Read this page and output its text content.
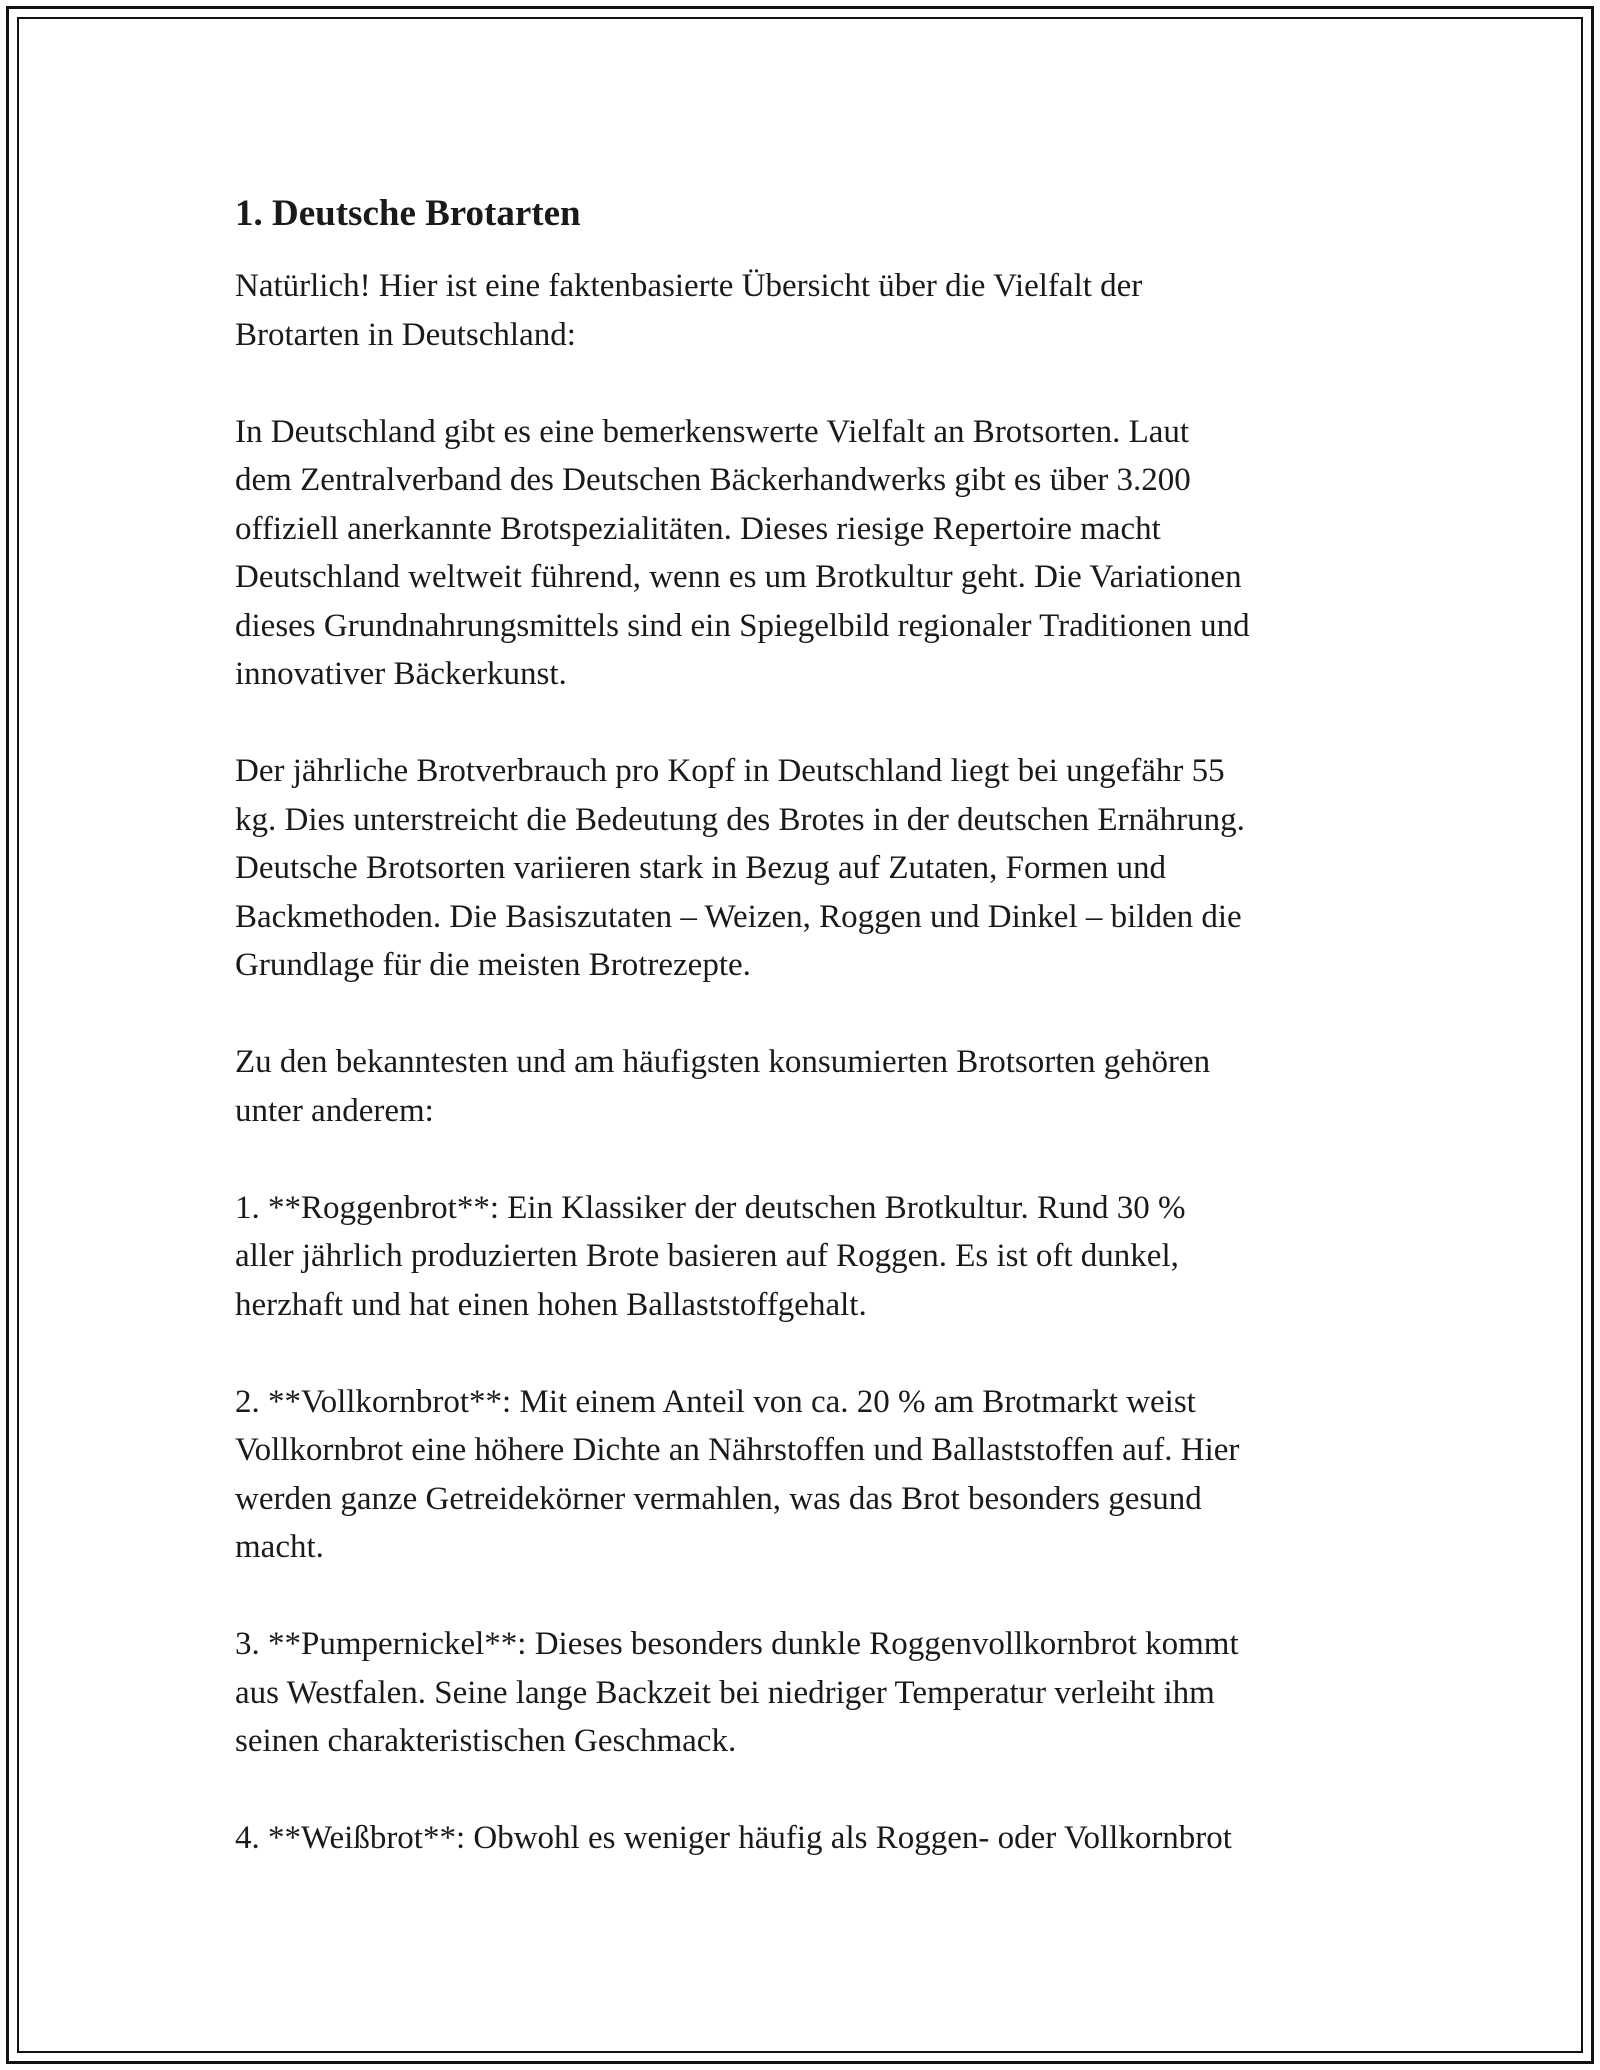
1. Deutsche Brotarten
Natürlich! Hier ist eine faktenbasierte Übersicht über die Vielfalt der
Brotarten in Deutschland:
In Deutschland gibt es eine bemerkenswerte Vielfalt an Brotsorten. Laut
dem Zentralverband des Deutschen Bäckerhandwerks gibt es über 3.200
offiziell anerkannte Brotspezialitäten. Dieses riesige Repertoire macht
Deutschland weltweit führend, wenn es um Brotkultur geht. Die Variationen
dieses Grundnahrungsmittels sind ein Spiegelbild regionaler Traditionen und
innovativer Bäckerkunst.
Der jährliche Brotverbrauch pro Kopf in Deutschland liegt bei ungefähr 55
kg. Dies unterstreicht die Bedeutung des Brotes in der deutschen Ernährung.
Deutsche Brotsorten variieren stark in Bezug auf Zutaten, Formen und
Backmethoden. Die Basiszutaten – Weizen, Roggen und Dinkel – bilden die
Grundlage für die meisten Brotrezepte.
Zu den bekanntesten und am häufigsten konsumierten Brotsorten gehören
unter anderem:
1. **Roggenbrot**: Ein Klassiker der deutschen Brotkultur. Rund 30 %
aller jährlich produzierten Brote basieren auf Roggen. Es ist oft dunkel,
herzhaft und hat einen hohen Ballaststoffgehalt.
2. **Vollkornbrot**: Mit einem Anteil von ca. 20 % am Brotmarkt weist
Vollkornbrot eine höhere Dichte an Nährstoffen und Ballaststoffen auf. Hier
werden ganze Getreidekörner vermahlen, was das Brot besonders gesund
macht.
3. **Pumpernickel**: Dieses besonders dunkle Roggenvollkornbrot kommt
aus Westfalen. Seine lange Backzeit bei niedriger Temperatur verleiht ihm
seinen charakteristischen Geschmack.
4. **Weißbrot**: Obwohl es weniger häufig als Roggen- oder Vollkornbrot
